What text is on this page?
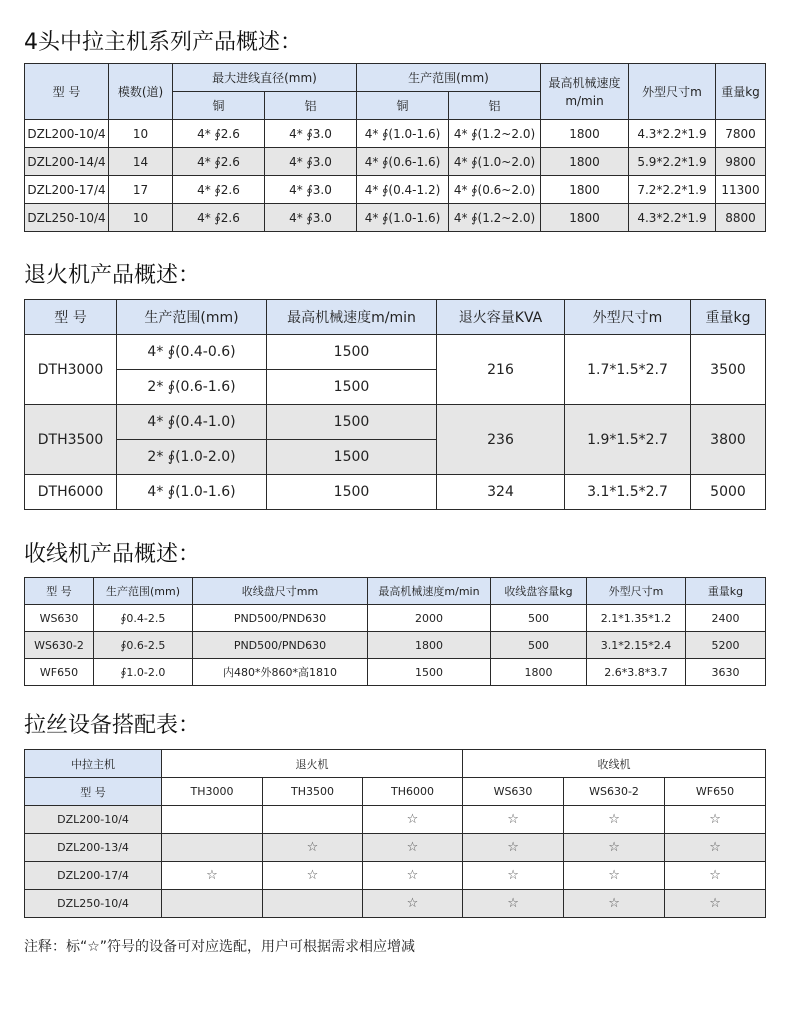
4头中拉主机系列产品概述：
型 号	模数(道)	最大进线直径(mm)		生产范围(mm)		最高机械速度m/min	外型尺寸m	重量kg
		铜	铝	铜	铝			
DZL200-10/4	10	4* ∮2.6	4* ∮3.0	4* ∮(1.0-1.6)	4* ∮(1.2~2.0)	1800	4.3*2.2*1.9	7800
DZL200-14/4	14	4* ∮2.6	4* ∮3.0	4* ∮(0.6-1.6)	4* ∮(1.0~2.0)	1800	5.9*2.2*1.9	9800
DZL200-17/4	17	4* ∮2.6	4* ∮3.0	4* ∮(0.4-1.2)	4* ∮(0.6~2.0)	1800	7.2*2.2*1.9	11300
DZL250-10/4	10	4* ∮2.6	4* ∮3.0	4* ∮(1.0-1.6)	4* ∮(1.2~2.0)	1800	4.3*2.2*1.9	8800
退火机产品概述：
型 号	生产范围(mm)	最高机械速度m/min	退火容量KVA	外型尺寸m	重量kg
DTH3000	4* ∮(0.4-0.6)	1500	216	1.7*1.5*2.7	3500
	2* ∮(0.6-1.6)	1500			
DTH3500	4* ∮(0.4-1.0)	1500	236	1.9*1.5*2.7	3800
	2* ∮(1.0-2.0)	1500			
DTH6000	4* ∮(1.0-1.6)	1500	324	3.1*1.5*2.7	5000
收线机产品概述：
型 号	生产范围(mm)	收线盘尺寸mm	最高机械速度m/min	收线盘容量kg	外型尺寸m	重量kg
WS630	∮0.4-2.5	PND500/PND630	2000	500	2.1*1.35*1.2	2400
WS630-2	∮0.6-2.5	PND500/PND630	1800	500	3.1*2.15*2.4	5200
WF650	∮1.0-2.0	内480*外860*高1810	1500	1800	2.6*3.8*3.7	3630
拉丝设备搭配表：
中拉主机	退火机			收线机		
型 号	TH3000	TH3500	TH6000	WS630	WS630-2	WF650
DZL200-10/4			☆	☆	☆	☆
DZL200-13/4		☆	☆	☆	☆	☆
DZL200-17/4	☆	☆	☆	☆	☆	☆
DZL250-10/4			☆	☆	☆	☆
注释：标“☆”符号的设备可对应选配，用户可根据需求相应增减
